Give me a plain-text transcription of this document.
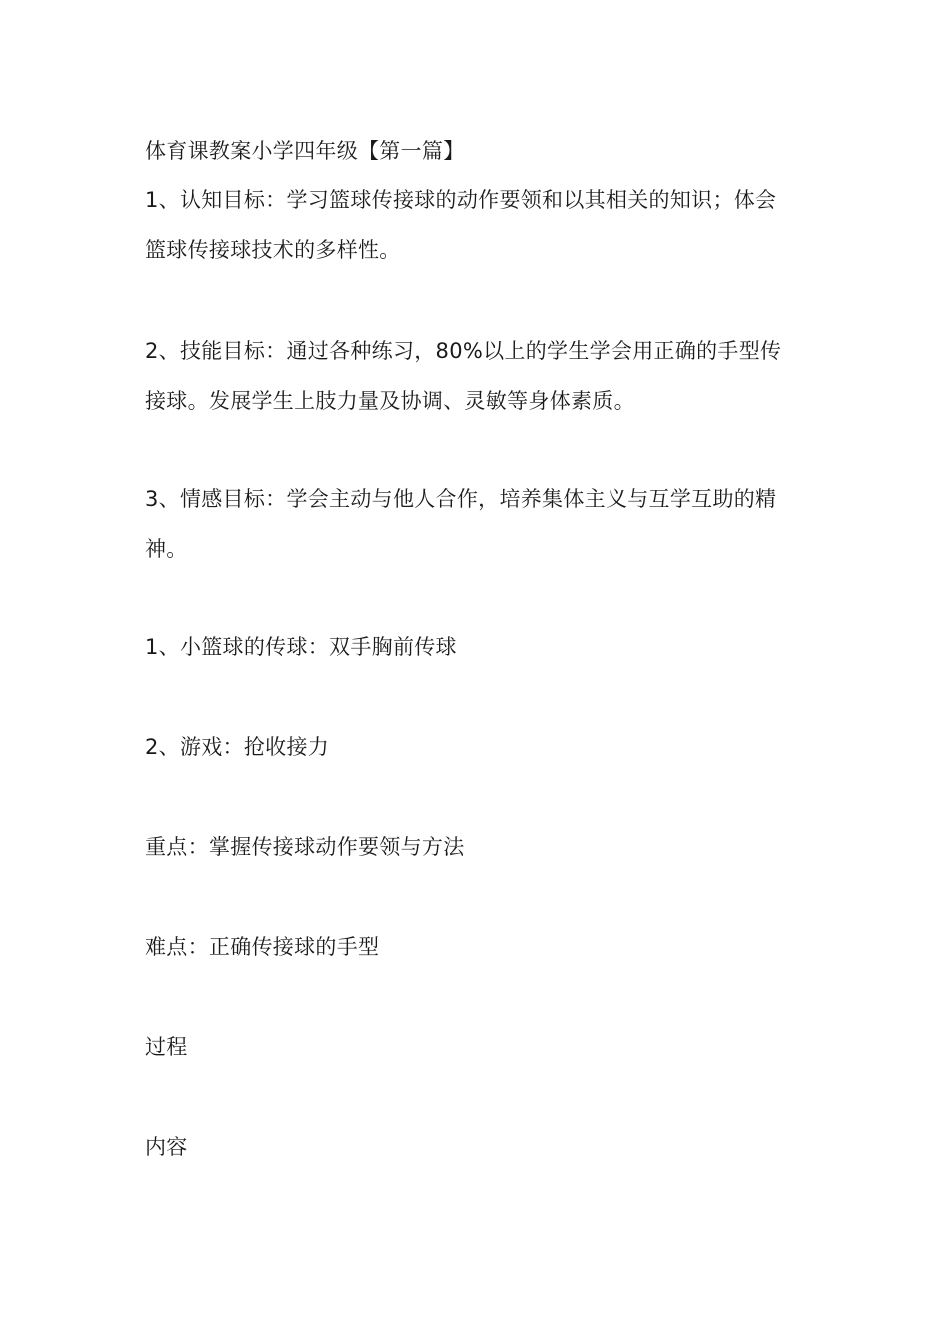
体育课教案小学四年级【第一篇】

1、认知目标：学习篮球传接球的动作要领和以其相关的知识；体会

篮球传接球技术的多样性。

2、技能目标：通过各种练习，80%以上的学生学会用正确的手型传

接球。发展学生上肢力量及协调、灵敏等身体素质。

3、情感目标：学会主动与他人合作，培养集体主义与互学互助的精

神。

1、小篮球的传球：双手胸前传球

2、游戏：抢收接力

重点：掌握传接球动作要领与方法

难点：正确传接球的手型

过程

内容
